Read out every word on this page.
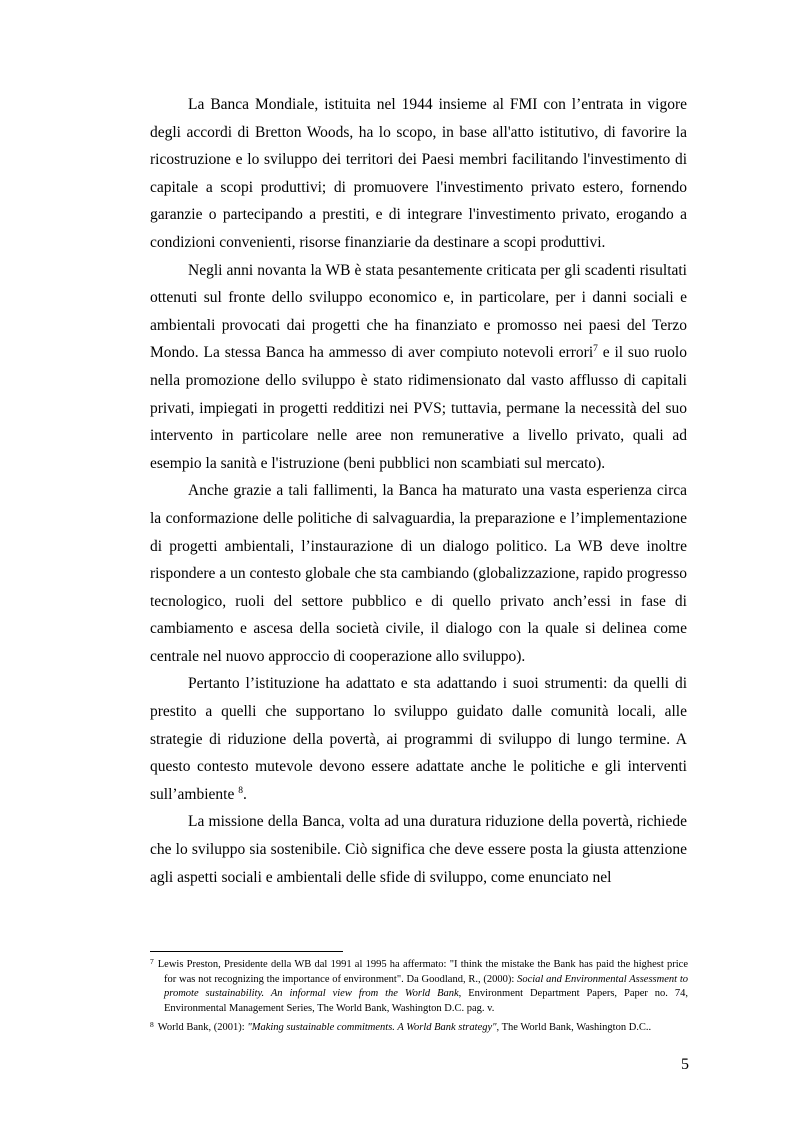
La Banca Mondiale, istituita nel 1944 insieme al FMI con l’entrata in vigore degli accordi di Bretton Woods, ha lo scopo, in base all'atto istitutivo, di favorire la ricostruzione e lo sviluppo dei territori dei Paesi membri facilitando l'investimento di capitale a scopi produttivi; di promuovere l'investimento privato estero, fornendo garanzie o partecipando a prestiti, e di integrare l'investimento privato, erogando a condizioni convenienti, risorse finanziarie da destinare a scopi produttivi.

Negli anni novanta la WB è stata pesantemente criticata per gli scadenti risultati ottenuti sul fronte dello sviluppo economico e, in particolare, per i danni sociali e ambientali provocati dai progetti che ha finanziato e promosso nei paesi del Terzo Mondo. La stessa Banca ha ammesso di aver compiuto notevoli errori$^7$ e il suo ruolo nella promozione dello sviluppo è stato ridimensionato dal vasto afflusso di capitali privati, impiegati in progetti redditizi nei PVS; tuttavia, permane la necessità del suo intervento in particolare nelle aree non remunerative a livello privato, quali ad esempio la sanità e l'istruzione (beni pubblici non scambiati sul mercato).

Anche grazie a tali fallimenti, la Banca ha maturato una vasta esperienza circa la conformazione delle politiche di salvaguardia, la preparazione e l’implementazione di progetti ambientali, l’instaurazione di un dialogo politico. La WB deve inoltre rispondere a un contesto globale che sta cambiando (globalizzazione, rapido progresso tecnologico, ruoli del settore pubblico e di quello privato anch’essi in fase di cambiamento e ascesa della società civile, il dialogo con la quale si delinea come centrale nel nuovo approccio di cooperazione allo sviluppo).

Pertanto l’istituzione ha adattato e sta adattando i suoi strumenti: da quelli di prestito a quelli che supportano lo sviluppo guidato dalle comunità locali, alle strategie di riduzione della povertà, ai programmi di sviluppo di lungo termine. A questo contesto mutevole devono essere adattate anche le politiche e gli interventi sull’ambiente $^8$.

La missione della Banca, volta ad una duratura riduzione della povertà, richiede che lo sviluppo sia sostenibile. Ciò significa che deve essere posta la giusta attenzione agli aspetti sociali e ambientali delle sfide di sviluppo, come enunciato nel

$^7$ Lewis Preston, Presidente della WB dal 1991 al 1995 ha affermato: "I think the mistake the Bank has paid the highest price for was not recognizing the importance of environment". Da Goodland, R., (2000): Social and Environmental Assessment to promote sustainability. An informal view from the World Bank, Environment Department Papers, Paper no. 74, Environmental Management Series, The World Bank, Washington D.C. pag. v.

$^8$ World Bank, (2001): "Making sustainable commitments. A World Bank strategy", The World Bank, Washington D.C..

5
